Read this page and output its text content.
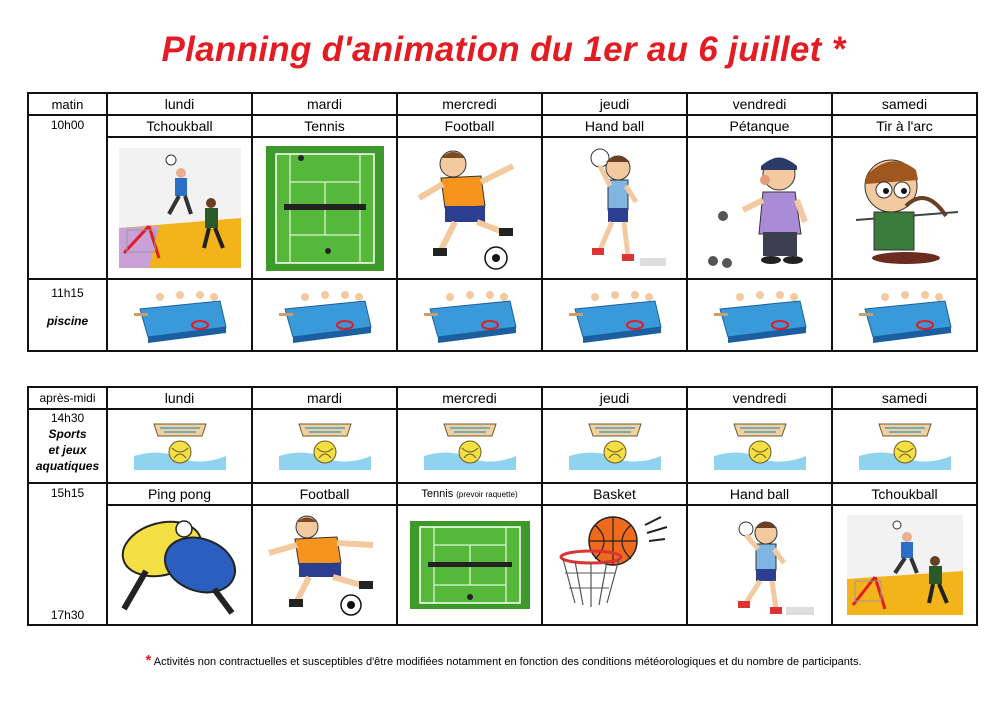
Planning d'animation du 1er au 6 juillet *
matin	lundi	mardi	mercredi	jeudi	vendredi	samedi

10h00	Tchoukball	Tennis	Football	Hand ball	Pétanque	Tir à l'arc

11h15
piscine

après-midi	lundi	mardi	mercredi	jeudi	vendredi	samedi

14h30
Sports
et jeux
aquatiques

15h15
17h30	Ping pong	Football	Tennis (prevoir raquette)	Basket	Hand ball	Tchoukball

* Activités non contractuelles et susceptibles d'être modifiées notamment en fonction des conditions météorologiques et du nombre de participants.
